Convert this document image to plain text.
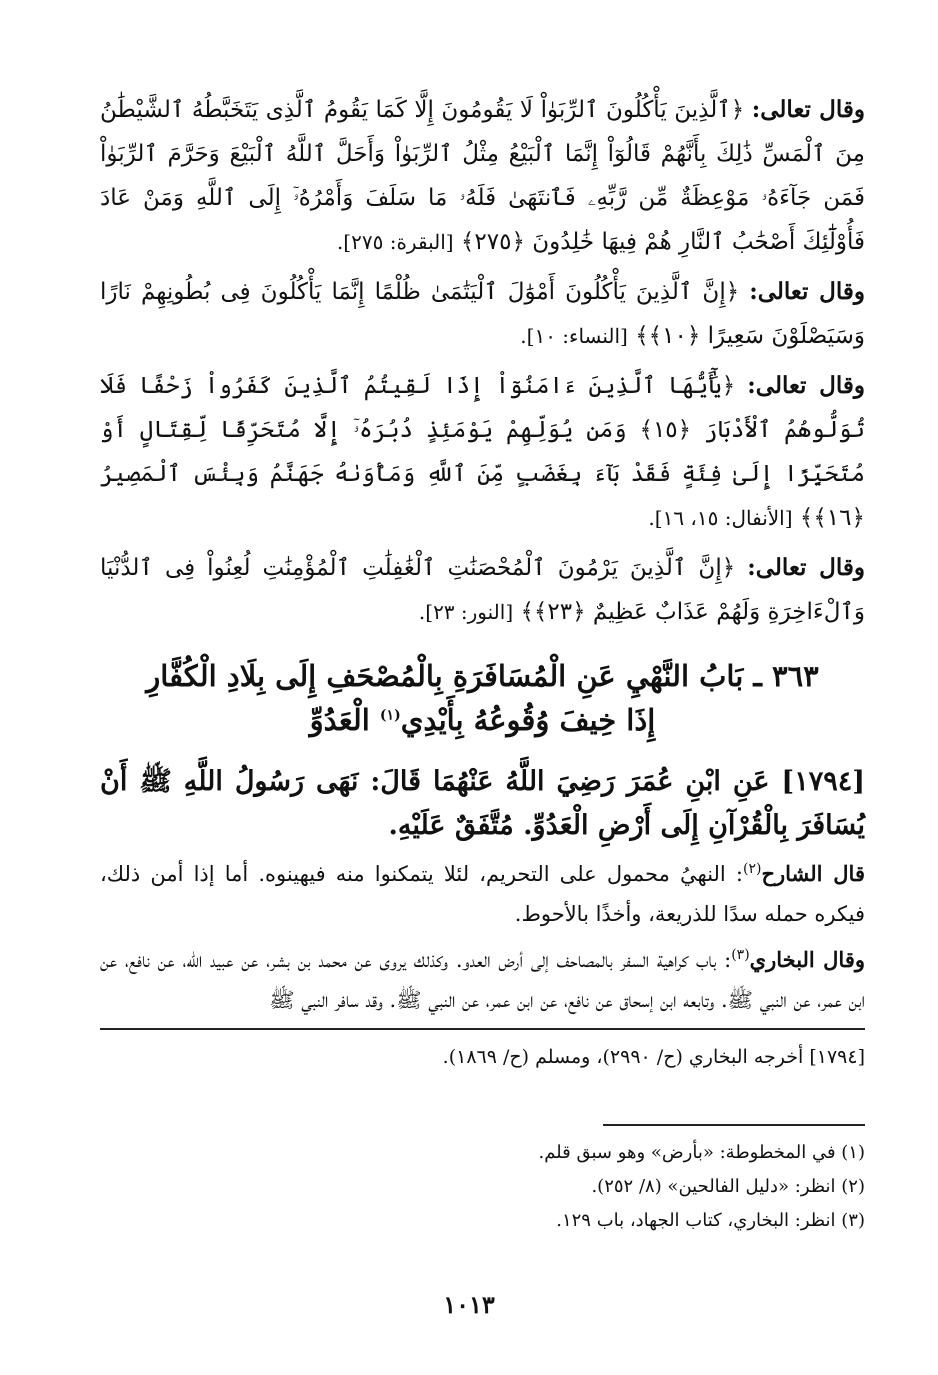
وقال تعالى: ﴿ٱلَّذِينَ يَأْكُلُونَ ٱلرِّبَوٰاْ لَا يَقُومُونَ إِلَّا كَمَا يَقُومُ ٱلَّذِى يَتَخَبَّطُهُ ٱلشَّيْطَٰنُ مِنَ ٱلْمَسِّ ذَٰلِكَ بِأَنَّهُمْ قَالُوٓاْ إِنَّمَا ٱلْبَيْعُ مِثْلُ ٱلرِّبَوٰاْ وَأَحَلَّ ٱللَّهُ ٱلْبَيْعَ وَحَرَّمَ ٱلرِّبَوٰاْ فَمَن جَآءَهُۥ مَوْعِظَةٌ مِّن رَّبِّهِۦ فَٱنتَهَىٰ فَلَهُۥ مَا سَلَفَ وَأَمْرُهُۥٓ إِلَى ٱللَّهِ وَمَنْ عَادَ فَأُوْلَٰٓئِكَ أَصْحَٰبُ ٱلنَّارِ هُمْ فِيهَا خَٰلِدُونَ ﴿٢٧٥﴾ [البقرة: ٢٧٥].

وقال تعالى: ﴿إِنَّ ٱلَّذِينَ يَأْكُلُونَ أَمْوَٰلَ ٱلْيَتَٰمَىٰ ظُلْمًا إِنَّمَا يَأْكُلُونَ فِى بُطُونِهِمْ نَارًا وَسَيَصْلَوْنَ سَعِيرًا ﴿١٠﴾﴾ [النساء: ١٠].

وقال تعالى: ﴿يَٰٓأَيُّهَا ٱلَّذِينَ ءَامَنُوٓاْ إِذَا لَقِيتُمُ ٱلَّذِينَ كَفَرُواْ زَحْفًا فَلَا تُوَلُّوهُمُ ٱلْأَدْبَارَ ﴿١٥﴾ وَمَن يُوَلِّهِمْ يَوْمَئِذٍ دُبُرَهُۥٓ إِلَّا مُتَحَرِّفًا لِّقِتَالٍ أَوْ مُتَحَيِّزًا إِلَىٰ فِئَةٍ فَقَدْ بَآءَ بِغَضَبٍ مِّنَ ٱللَّهِ وَمَأْوَىٰهُ جَهَنَّمُ وَبِئْسَ ٱلْمَصِيرُ ﴿١٦﴾﴾ [الأنفال: ١٥، ١٦].

وقال تعالى: ﴿إِنَّ ٱلَّذِينَ يَرْمُونَ ٱلْمُحْصَنَٰتِ ٱلْغَٰفِلَٰتِ ٱلْمُؤْمِنَٰتِ لُعِنُواْ فِى ٱلدُّنْيَا وَٱلْءَاخِرَةِ وَلَهُمْ عَذَابٌ عَظِيمٌ ﴿٢٣﴾﴾ [النور: ٢٣].

٣٦٣ ـ بَابُ النَّهْيِ عَنِ الْمُسَافَرَةِ بِالْمُصْحَفِ إِلَى بِلَادِ الْكُفَّارِ
إِذَا خِيفَ وُقُوعُهُ بِأَيْدِي$^{(١)}$ الْعَدُوِّ

[١٧٩٤] عَنِ ابْنِ عُمَرَ رَضِيَ اللَّهُ عَنْهُمَا قَالَ: نَهَى رَسُولُ اللَّهِ ﷺ أَنْ يُسَافَرَ بِالْقُرْآنِ إِلَى أَرْضِ الْعَدُوِّ. مُتَّفَقٌ عَلَيْهِ.

قال الشارح$^{(٢)}$: النهيُ محمول على التحريم، لئلا يتمكنوا منه فيهينوه. أما إذا أمن ذلك، فيكره حمله سدًا للذريعة، وأخذًا بالأحوط.

وقال البخاري$^{(٣)}$: باب كراهية السفر بالمصاحف إلى أرض العدو. وكذلك يروى عن محمد بن بشر، عن عبيد الله، عن نافع، عن ابن عمر، عن النبي ﷺ. وتابعه ابن إسحاق عن نافع، عن ابن عمر، عن النبي ﷺ. وقد سافر النبي ﷺ

[١٧٩٤] أخرجه البخاري (ح/ ٢٩٩٠)، ومسلم (ح/ ١٨٦٩).

(١) في المخطوطة: «بأرض» وهو سبق قلم.

(٢) انظر: «دليل الفالحين» (٨/ ٢٥٢).

(٣) انظر: البخاري، كتاب الجهاد، باب ١٢٩.

١٠١٣
